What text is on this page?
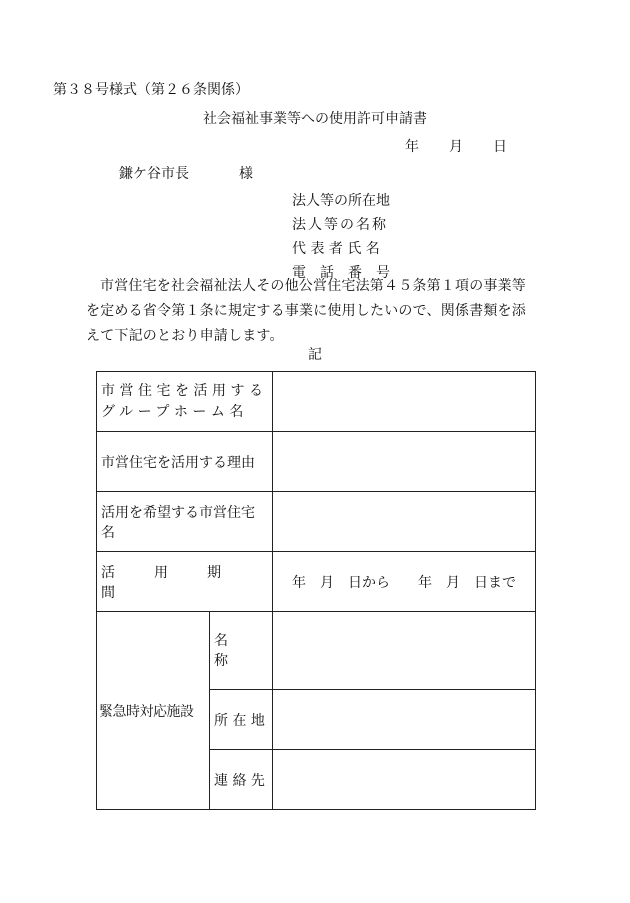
第３８号様式（第２６条関係）
社会福祉事業等への使用許可申請書
年 月 日
鎌ケ谷市長	様
法人等の所在地
法人等の名称
代 表 者 氏 名
電　話　番　号
市営住宅を社会福祉法人その他公営住宅法第４５条第１項の事業等を定める省令第１条に規定する事業に使用したいので、関係書類を添えて下記のとおり申請します。
記
市営住宅を活用する
グループホーム名		

市営住宅を活用する理由		
活用を希望する市営住宅名		
活 用 期間		年 月 日から 年 月 日まで
緊急時対応施設	名　　称	
	所 在 地	
	連 絡 先	
